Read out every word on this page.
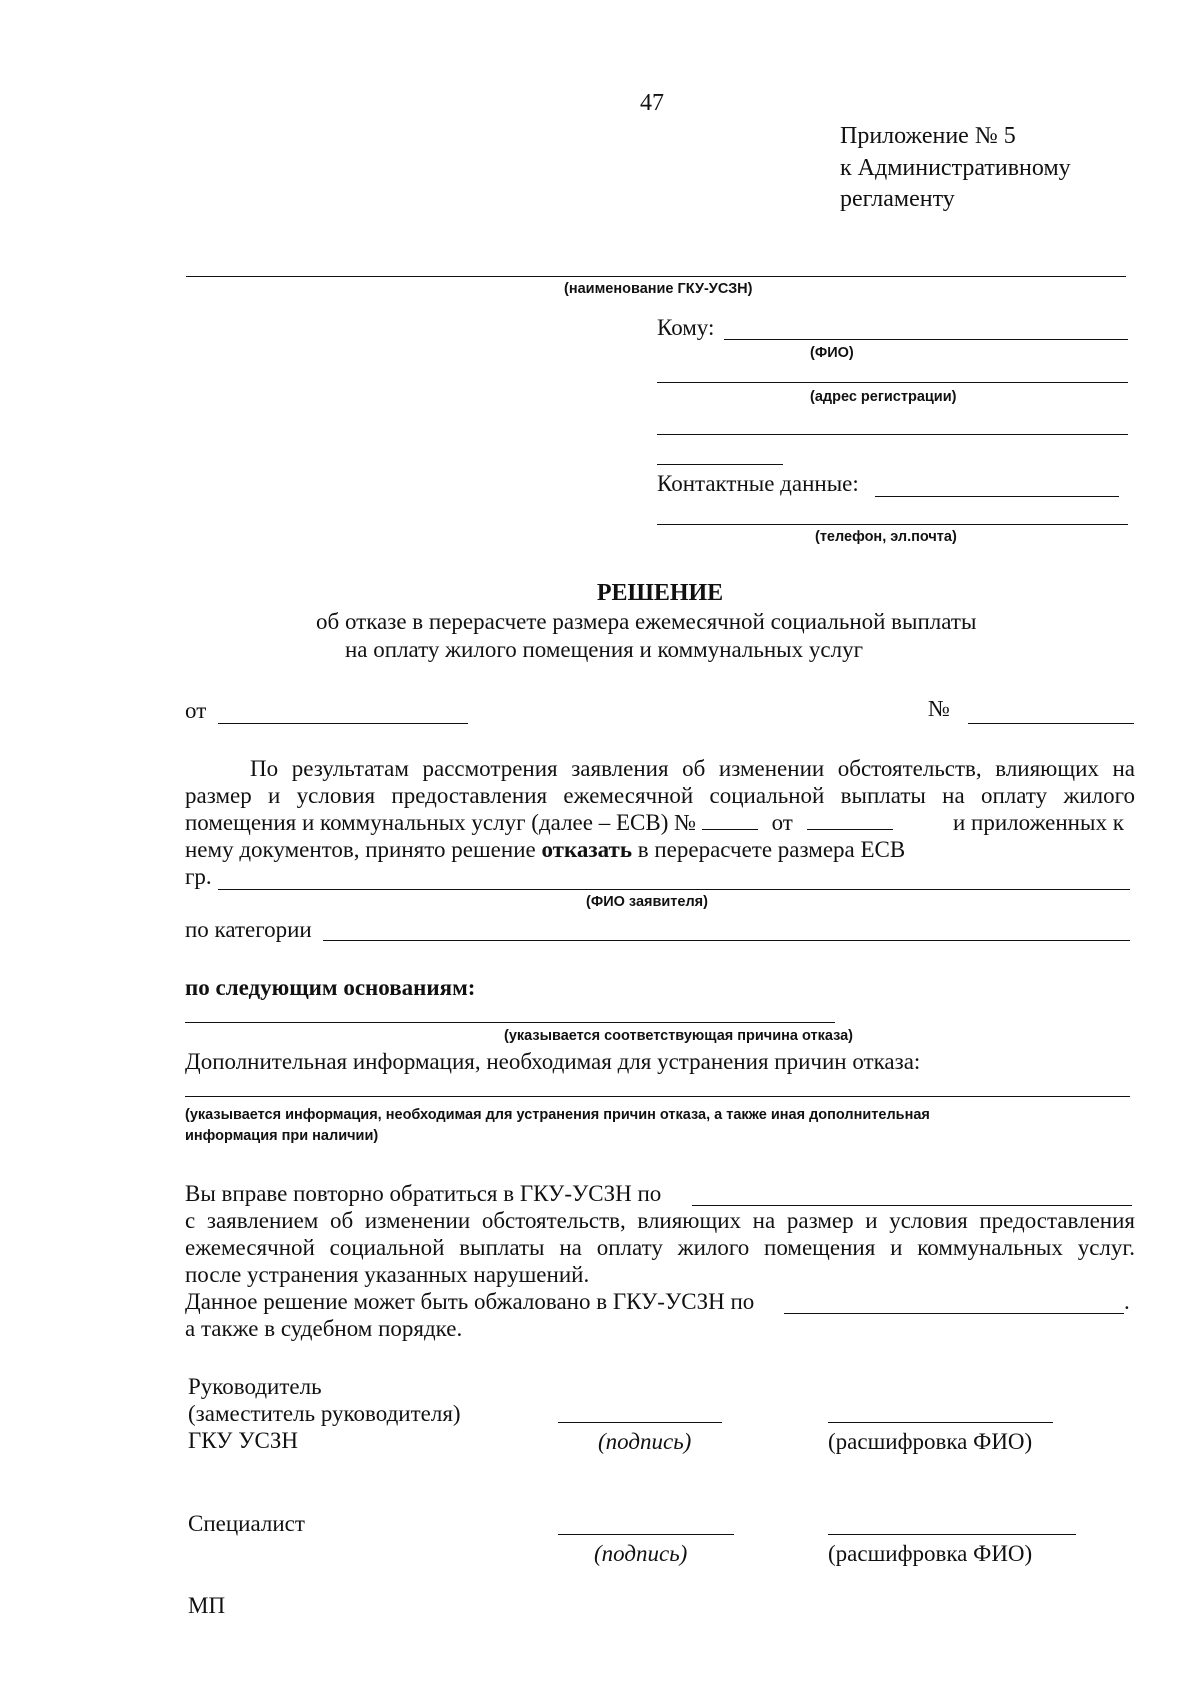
47
Приложение № 5
к Административному
регламенту
(наименование ГКУ-УСЗН)
Кому:
(ФИО)
(адрес регистрации)
Контактные данные:
(телефон, эл.почта)
РЕШЕНИЕ
об отказе в перерасчете размера ежемесячной социальной выплаты
на оплату жилого помещения и коммунальных услуг
от	№
По результатам рассмотрения заявления об изменении обстоятельств, влияющих на
размер и условия предоставления ежемесячной социальной выплаты на оплату жилого
помещения и коммунальных услуг (далее – ЕСВ) №	от	и приложенных к
нему документов, принято решение отказать в перерасчете размера ЕСВ
гр.
(ФИО заявителя)
по категории
по следующим основаниям:
(указывается соответствующая причина отказа)
Дополнительная информация, необходимая для устранения причин отказа:
(указывается информация, необходимая для устранения причин отказа, а также иная дополнительная
информация при наличии)
Вы вправе повторно обратиться в ГКУ-УСЗН по
с заявлением об изменении обстоятельств, влияющих на размер и условия предоставления
ежемесячной социальной выплаты на оплату жилого помещения и коммунальных услуг.
после устранения указанных нарушений.
Данное решение может быть обжаловано в ГКУ-УСЗН по	.
а также в судебном порядке.
Руководитель
(заместитель руководителя)
ГКУ УСЗН	(подпись)	(расшифровка ФИО)
Специалист
(подпись)	(расшифровка ФИО)
МП
